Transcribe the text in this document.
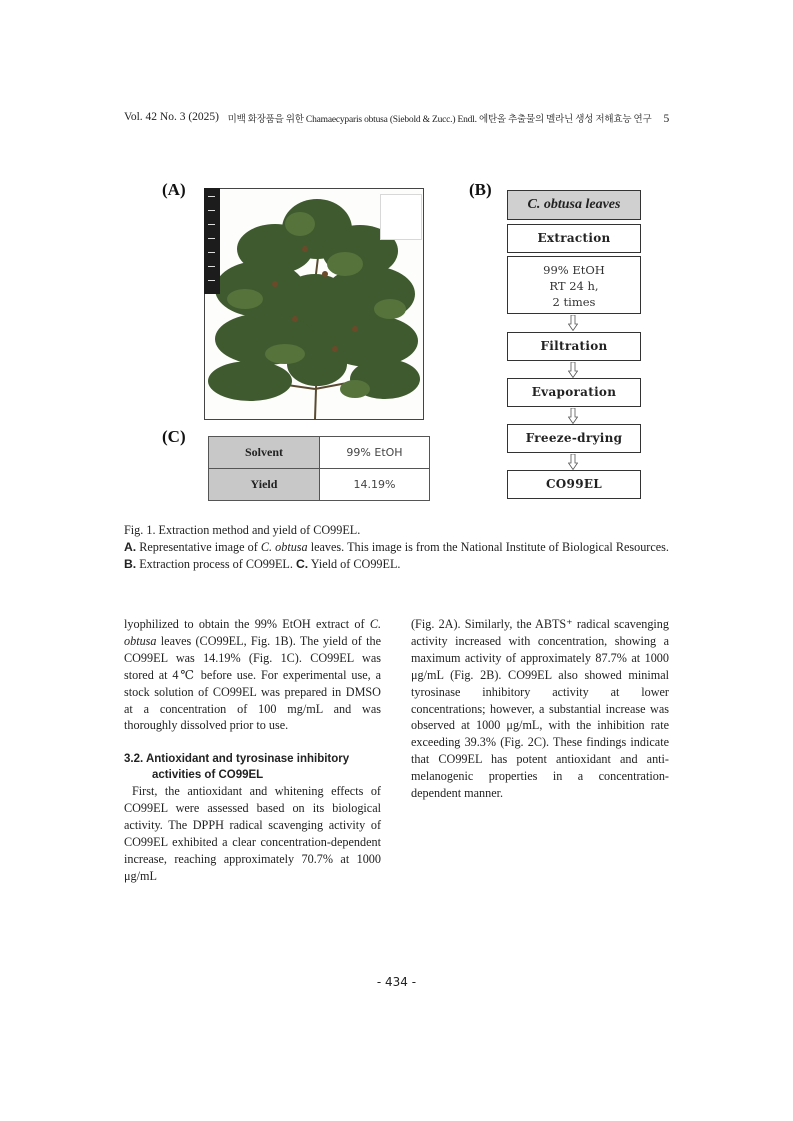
Vol. 42 No. 3 (2025) 미백 화장품을 위한 Chamaecyparis obtusa (Siebold & Zucc.) Endl. 에탄올 추출물의 멜라닌 생성 저해효능 연구 5
(A)	(B)
(C)
Solvent	99% EtOH
Yield	14.19%
C. obtusa leaves
Extraction
99% EtOH
RT 24 h,
2 times
Filtration
Evaporation
Freeze-drying
CO99EL
Fig. 1. Extraction method and yield of CO99EL.
A. Representative image of C. obtusa leaves. This image is from the National Institute of Biological Resources. B. Extraction process of CO99EL. C. Yield of CO99EL.

lyophilized to obtain the 99% EtOH extract of C. obtusa leaves (CO99EL, Fig. 1B). The yield of the CO99EL was 14.19% (Fig. 1C). CO99EL was stored at 4℃ before use. For experimental use, a stock solution of CO99EL was prepared in DMSO at a concentration of 100 mg/mL and was thoroughly dissolved prior to use.

3.2. Antioxidant and tyrosinase inhibitory
activities of CO99EL

First, the antioxidant and whitening effects of CO99EL were assessed based on its biological activity. The DPPH radical scavenging activity of CO99EL exhibited a clear concentration-dependent increase, reaching approximately 70.7% at 1000 μg/mL

(Fig. 2A). Similarly, the ABTS⁺ radical scavenging activity increased with concentration, showing a maximum activity of approximately 87.7% at 1000 μg/mL (Fig. 2B). CO99EL also showed minimal tyrosinase inhibitory activity at lower concentrations; however, a substantial increase was observed at 1000 μg/mL, with the inhibition rate exceeding 39.3% (Fig. 2C). These findings indicate that CO99EL has potent antioxidant and anti-melanogenic properties in a concentration-dependent manner.

- 434 -
